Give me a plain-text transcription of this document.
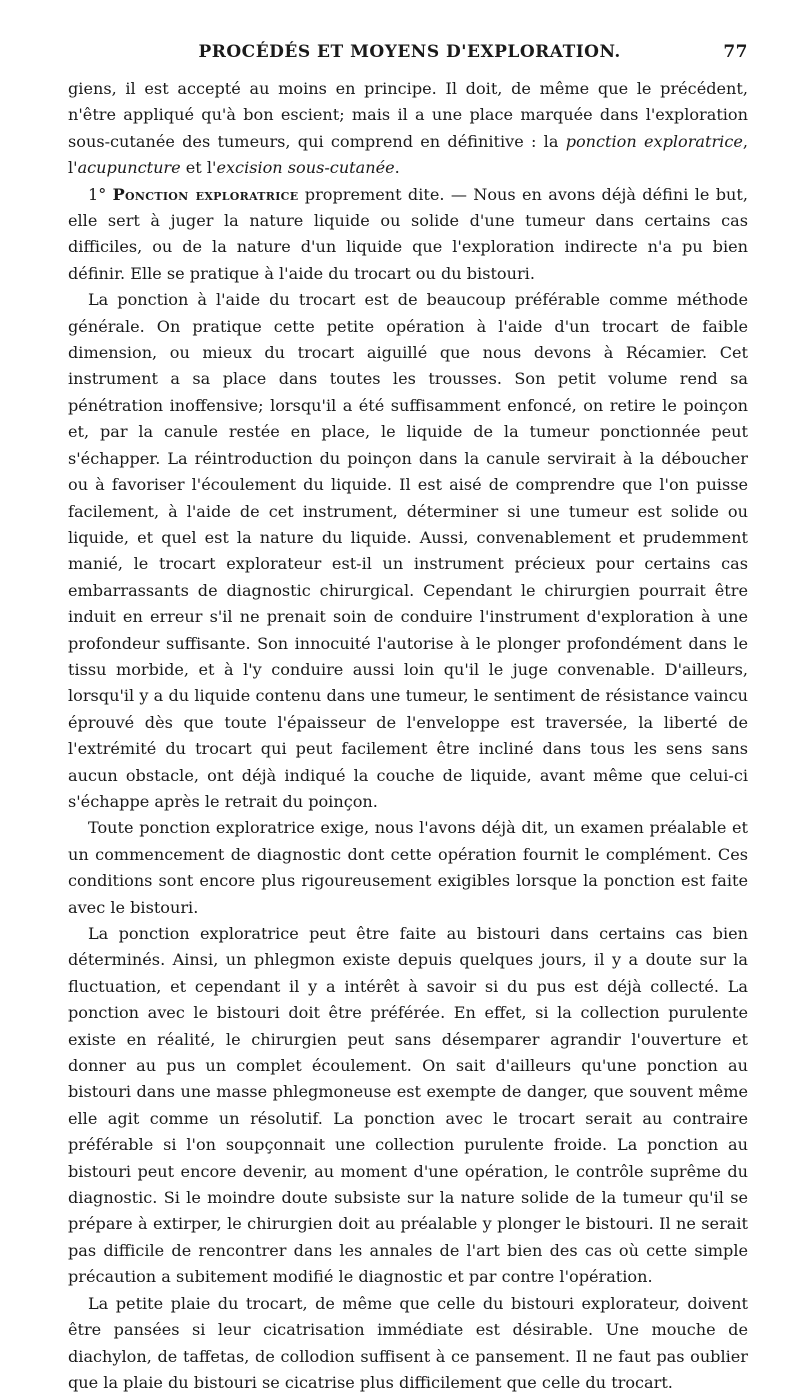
PROCÉDÉS ET MOYENS D'EXPLORATION.	77

giens, il est accepté au moins en principe. Il doit, de même que le précédent, n'être appliqué qu'à bon escient; mais il a une place marquée dans l'exploration sous-cutanée des tumeurs, qui comprend en définitive : la ponction exploratrice, l'acupuncture et l'excision sous-cutanée.

1° Ponction exploratrice proprement dite. — Nous en avons déjà défini le but, elle sert à juger la nature liquide ou solide d'une tumeur dans certains cas difficiles, ou de la nature d'un liquide que l'exploration indirecte n'a pu bien définir. Elle se pratique à l'aide du trocart ou du bistouri.

La ponction à l'aide du trocart est de beaucoup préférable comme méthode générale. On pratique cette petite opération à l'aide d'un trocart de faible dimension, ou mieux du trocart aiguillé que nous devons à Récamier. Cet instrument a sa place dans toutes les trousses. Son petit volume rend sa pénétration inoffensive; lorsqu'il a été suffisamment enfoncé, on retire le poinçon et, par la canule restée en place, le liquide de la tumeur ponctionnée peut s'échapper. La réintroduction du poinçon dans la canule servirait à la déboucher ou à favoriser l'écoulement du liquide. Il est aisé de comprendre que l'on puisse facilement, à l'aide de cet instrument, déterminer si une tumeur est solide ou liquide, et quel est la nature du liquide. Aussi, convenablement et prudemment manié, le trocart explorateur est-il un instrument précieux pour certains cas embarrassants de diagnostic chirurgical. Cependant le chirurgien pourrait être induit en erreur s'il ne prenait soin de conduire l'instrument d'exploration à une profondeur suffisante. Son innocuité l'autorise à le plonger profondément dans le tissu morbide, et à l'y conduire aussi loin qu'il le juge convenable. D'ailleurs, lorsqu'il y a du liquide contenu dans une tumeur, le sentiment de résistance vaincu éprouvé dès que toute l'épaisseur de l'enveloppe est traversée, la liberté de l'extrémité du trocart qui peut facilement être incliné dans tous les sens sans aucun obstacle, ont déjà indiqué la couche de liquide, avant même que celui-ci s'échappe après le retrait du poinçon.

Toute ponction exploratrice exige, nous l'avons déjà dit, un examen préalable et un commencement de diagnostic dont cette opération fournit le complément. Ces conditions sont encore plus rigoureusement exigibles lorsque la ponction est faite avec le bistouri.

La ponction exploratrice peut être faite au bistouri dans certains cas bien déterminés. Ainsi, un phlegmon existe depuis quelques jours, il y a doute sur la fluctuation, et cependant il y a intérêt à savoir si du pus est déjà collecté. La ponction avec le bistouri doit être préférée. En effet, si la collection purulente existe en réalité, le chirurgien peut sans désemparer agrandir l'ouverture et donner au pus un complet écoulement. On sait d'ailleurs qu'une ponction au bistouri dans une masse phlegmoneuse est exempte de danger, que souvent même elle agit comme un résolutif. La ponction avec le trocart serait au contraire préférable si l'on soupçonnait une collection purulente froide. La ponction au bistouri peut encore devenir, au moment d'une opération, le contrôle suprême du diagnostic. Si le moindre doute subsiste sur la nature solide de la tumeur qu'il se prépare à extirper, le chirurgien doit au préalable y plonger le bistouri. Il ne serait pas difficile de rencontrer dans les annales de l'art bien des cas où cette simple précaution a subitement modifié le diagnostic et par contre l'opération.

La petite plaie du trocart, de même que celle du bistouri explorateur, doivent être pansées si leur cicatrisation immédiate est désirable. Une mouche de diachylon, de taffetas, de collodion suffisent à ce pansement. Il ne faut pas oublier que la plaie du bistouri se cicatrise plus difficilement que celle du trocart.
